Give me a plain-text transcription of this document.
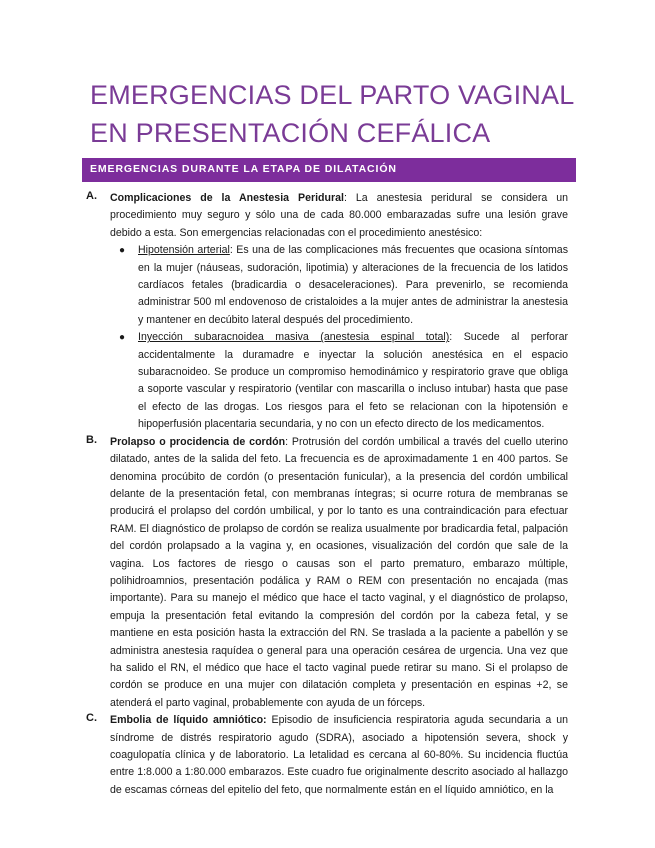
EMERGENCIAS DEL PARTO VAGINAL EN PRESENTACIÓN CEFÁLICA
EMERGENCIAS DURANTE LA ETAPA DE DILATACIÓN
A. Complicaciones de la Anestesia Peridural: La anestesia peridural se considera un procedimiento muy seguro y sólo una de cada 80.000 embarazadas sufre una lesión grave debido a esta. Son emergencias relacionadas con el procedimiento anestésico:

● Hipotensión arterial: Es una de las complicaciones más frecuentes que ocasiona síntomas en la mujer (náuseas, sudoración, lipotimia) y alteraciones de la frecuencia de los latidos cardíacos fetales (bradicardia o desaceleraciones). Para prevenirlo, se recomienda administrar 500 ml endovenoso de cristaloides a la mujer antes de administrar la anestesia y mantener en decúbito lateral después del procedimiento.

● Inyección subaracnoidea masiva (anestesia espinal total): Sucede al perforar accidentalmente la duramadre e inyectar la solución anestésica en el espacio subaracnoideo. Se produce un compromiso hemodinámico y respiratorio grave que obliga a soporte vascular y respiratorio (ventilar con mascarilla o incluso intubar) hasta que pase el efecto de las drogas. Los riesgos para el feto se relacionan con la hipotensión e hipoperfusión placentaria secundaria, y no con un efecto directo de los medicamentos.

B. Prolapso o procidencia de cordón: Protrusión del cordón umbilical a través del cuello uterino dilatado, antes de la salida del feto. La frecuencia es de aproximadamente 1 en 400 partos. Se denomina procúbito de cordón (o presentación funicular), a la presencia del cordón umbilical delante de la presentación fetal, con membranas íntegras; si ocurre rotura de membranas se producirá el prolapso del cordón umbilical, y por lo tanto es una contraindicación para efectuar RAM. El diagnóstico de prolapso de cordón se realiza usualmente por bradicardia fetal, palpación del cordón prolapsado a la vagina y, en ocasiones, visualización del cordón que sale de la vagina. Los factores de riesgo o causas son el parto prematuro, embarazo múltiple, polihidroamnios, presentación podálica y RAM o REM con presentación no encajada (mas importante). Para su manejo el médico que hace el tacto vaginal, y el diagnóstico de prolapso, empuja la presentación fetal evitando la compresión del cordón por la cabeza fetal, y se mantiene en esta posición hasta la extracción del RN. Se traslada a la paciente a pabellón y se administra anestesia raquídea o general para una operación cesárea de urgencia. Una vez que ha salido el RN, el médico que hace el tacto vaginal puede retirar su mano. Si el prolapso de cordón se produce en una mujer con dilatación completa y presentación en espinas +2, se atenderá el parto vaginal, probablemente con ayuda de un fórceps.

C. Embolia de líquido amniótico: Episodio de insuficiencia respiratoria aguda secundaria a un síndrome de distrés respiratorio agudo (SDRA), asociado a hipotensión severa, shock y coagulopatía clínica y de laboratorio. La letalidad es cercana al 60-80%. Su incidencia fluctúa entre 1:8.000 a 1:80.000 embarazos. Este cuadro fue originalmente descrito asociado al hallazgo de escamas córneas del epitelio del feto, que normalmente están en el líquido amniótico, en la
